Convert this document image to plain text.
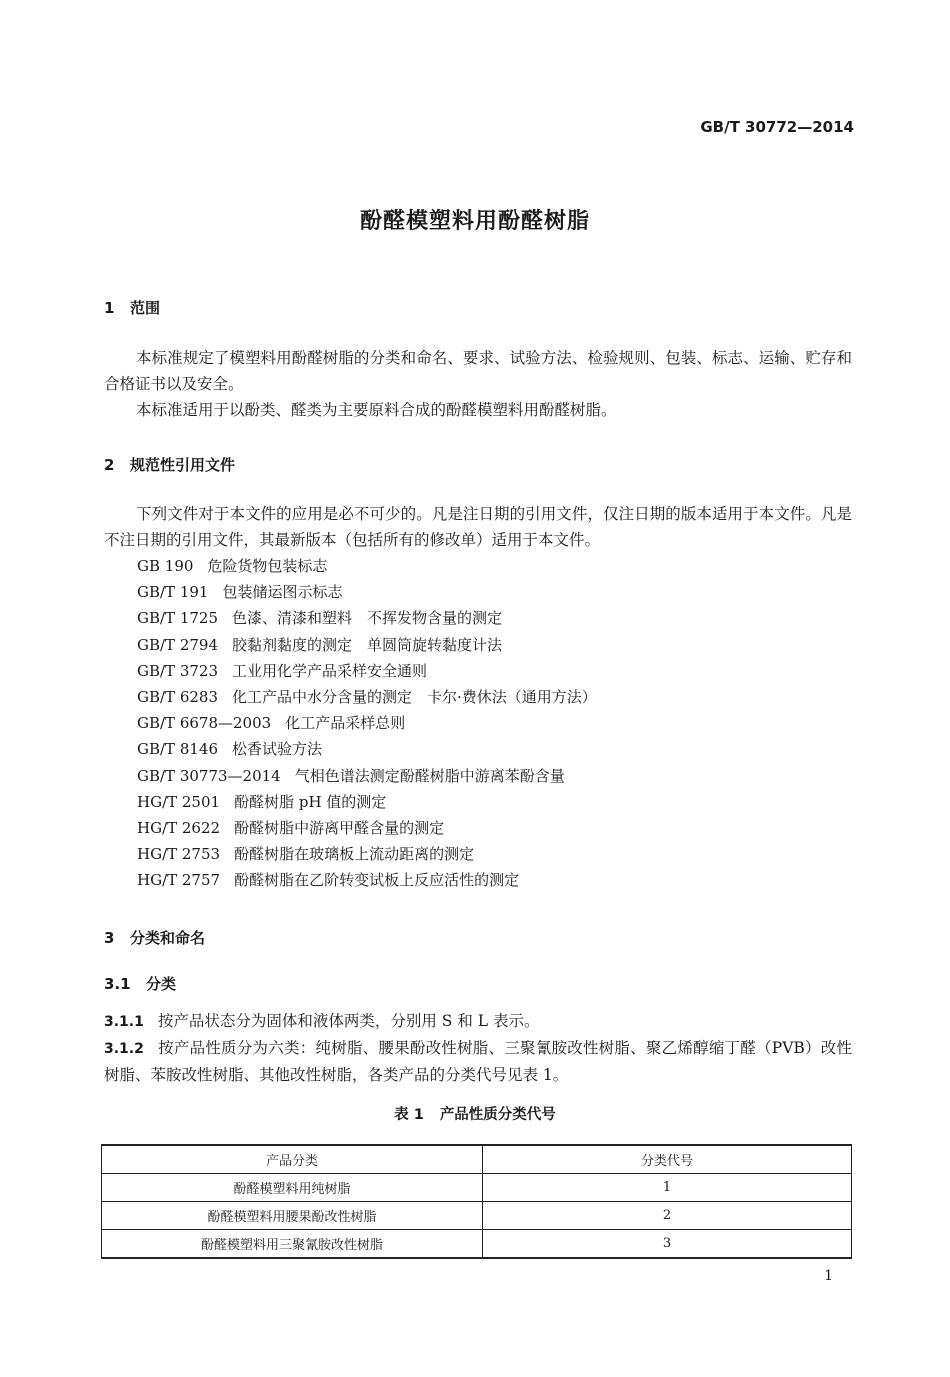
GB/T 30772—2014
酚醛模塑料用酚醛树脂
1 范围
本标准规定了模塑料用酚醛树脂的分类和命名、要求、试验方法、检验规则、包装、标志、运输、贮存和合格证书以及安全。
本标准适用于以酚类、醛类为主要原料合成的酚醛模塑料用酚醛树脂。
2 规范性引用文件
下列文件对于本文件的应用是必不可少的。凡是注日期的引用文件，仅注日期的版本适用于本文件。凡是不注日期的引用文件，其最新版本（包括所有的修改单）适用于本文件。
GB 190 危险货物包装标志
GB/T 191 包装储运图示标志
GB/T 1725 色漆、清漆和塑料　不挥发物含量的测定
GB/T 2794 胶黏剂黏度的测定　单圆筒旋转黏度计法
GB/T 3723 工业用化学产品采样安全通则
GB/T 6283 化工产品中水分含量的测定　卡尔·费休法（通用方法）
GB/T 6678—2003 化工产品采样总则
GB/T 8146 松香试验方法
GB/T 30773—2014 气相色谱法测定酚醛树脂中游离苯酚含量
HG/T 2501 酚醛树脂 pH 值的测定
HG/T 2622 酚醛树脂中游离甲醛含量的测定
HG/T 2753 酚醛树脂在玻璃板上流动距离的测定
HG/T 2757 酚醛树脂在乙阶转变试板上反应活性的测定
3 分类和命名
3.1 分类
3.1.1 按产品状态分为固体和液体两类，分别用 S 和 L 表示。
3.1.2 按产品性质分为六类：纯树脂、腰果酚改性树脂、三聚氰胺改性树脂、聚乙烯醇缩丁醛（PVB）改性树脂、苯胺改性树脂、其他改性树脂，各类产品的分类代号见表 1。
表 1 产品性质分类代号
产品分类	分类代号
酚醛模塑料用纯树脂	1
酚醛模塑料用腰果酚改性树脂	2
酚醛模塑料用三聚氰胺改性树脂	3
1
